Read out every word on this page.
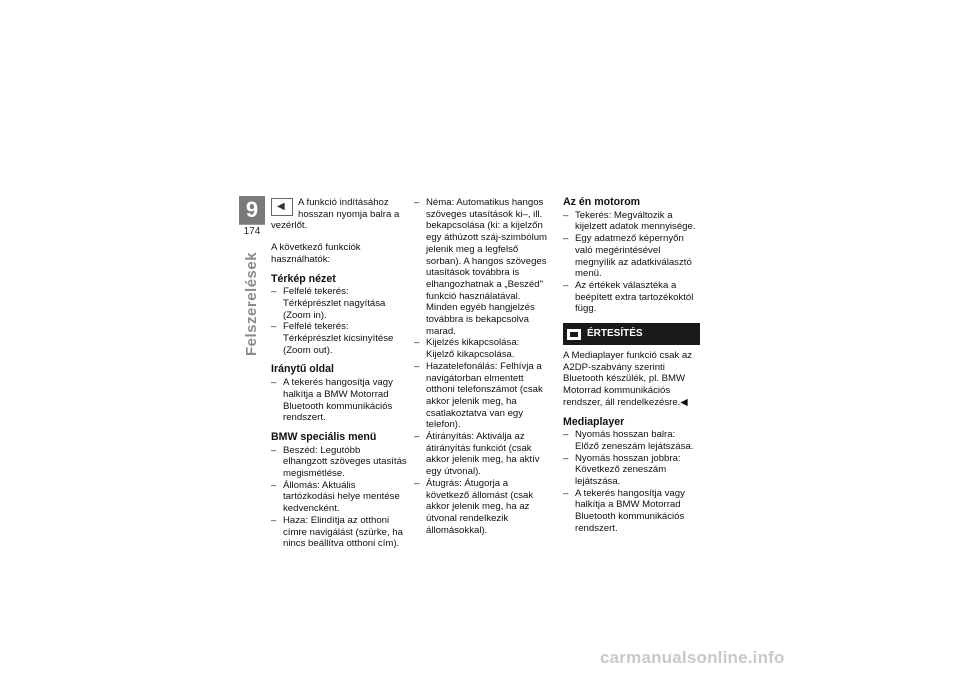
9
174
Felszerelések
◀	A funkció indításához hosszan nyomja balra a vezérlőt.

A következő funkciók használhatók:

Térkép nézet

– Felfelé tekerés: Térképrészlet nagyítása (Zoom in).
– Felfelé tekerés: Térképrészlet kicsinyítése (Zoom out).

Iránytű oldal

– A tekerés hangosítja vagy halkítja a BMW Motorrad Bluetooth kommunikációs rendszert.

BMW speciális menü

– Beszéd: Legutóbb elhangzott szöveges utasítás megismétlése.
– Állomás: Aktuális tartózkodási helye mentése kedvencként.
– Haza: Elindítja az otthoni címre navigálást (szürke, ha nincs beállítva otthoni cím).
– Néma: Automatikus hangos szöveges utasítások ki–, ill. bekapcsolása (ki: a kijelzőn egy áthúzott száj-szimbólum jelenik meg a legfelső sorban). A hangos szöveges utasítások továbbra is elhangozhatnak a „Beszéd" funkció használatával. Minden egyéb hangjelzés továbbra is bekapcsolva marad.
– Kijelzés kikapcsolása: Kijelző kikapcsolása.
– Hazatelefonálás: Felhívja a navigátorban elmentett otthoni telefonszámot (csak akkor jelenik meg, ha csatlakoztatva van egy telefon).
– Átirányítás: Aktiválja az átirányítás funkciót (csak akkor jelenik meg, ha aktív egy útvonal).
– Átugrás: Átugorja a következő állomást (csak akkor jelenik meg, ha az útvonal rendelkezik állomásokkal).

Az én motorom

– Tekerés: Megváltozik a kijelzett adatok mennyisége.
– Egy adatmező képernyőn való megérintésével megnyílik az adatkiválasztó menü.
– Az értékek választéka a beépített extra tartozékoktól függ.
ÉRTESÍTÉS

A Mediaplayer funkció csak az A2DP-szabvány szerinti Bluetooth készülék, pl. BMW Motorrad kommunikációs rendszer, áll rendelkezésre.◀

Mediaplayer

– Nyomás hosszan balra: Előző zeneszám lejátszása.
– Nyomás hosszan jobbra: Következő zeneszám lejátszása.
– A tekerés hangosítja vagy halkítja a BMW Motorrad Bluetooth kommunikációs rendszert.
carmanualsonline.info
